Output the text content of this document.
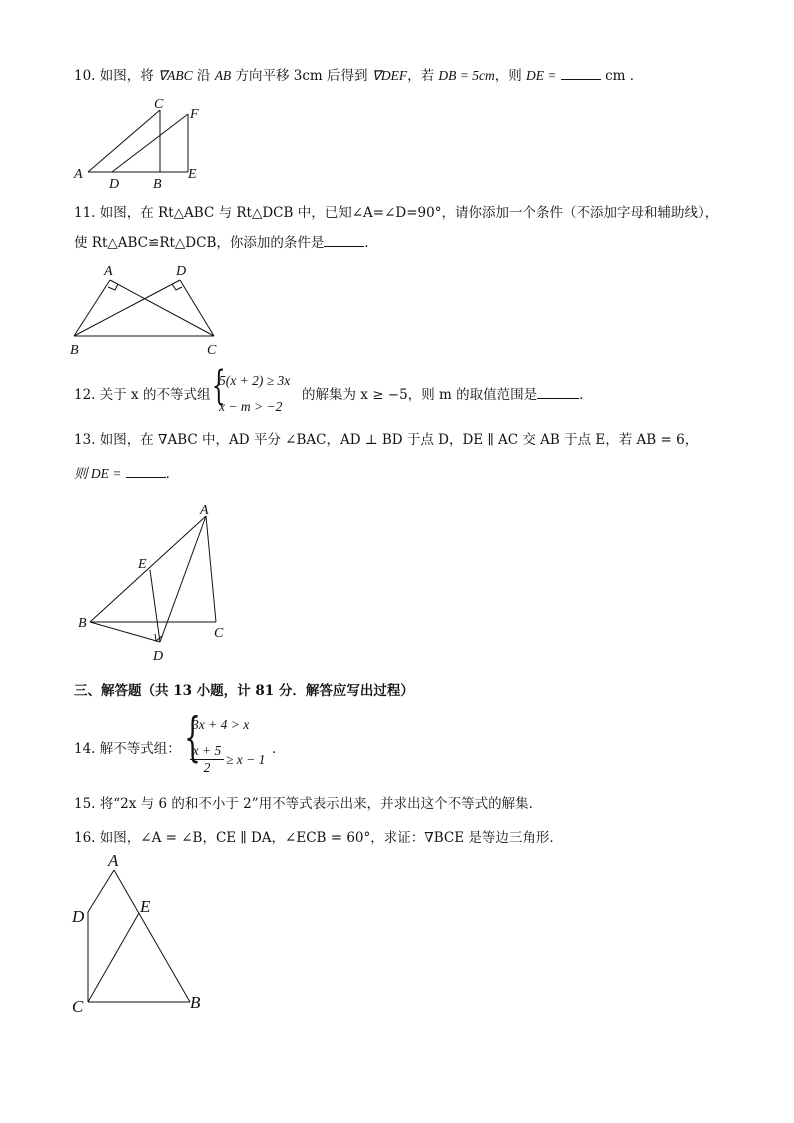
10. 如图，将 ∇ABC 沿 AB 方向平移 3cm 后得到 ∇DEF，若 DB = 5cm，则 DE =	cm ．
C
F
A
D B
E
11. 如图，在 Rt△ABC 与 Rt△DCB 中，已知∠A=∠D=90°，请你添加一个条件（不添加字母和辅助线），
使 Rt△ABC≌Rt△DCB，你添加的条件是	．
A	D
B	C
12. 关于 x 的不等式组 {
5(x + 2) ≥ 3x
x − m > −2
的解集为 x ≥ −5，则 m 的取值范围是	．
13. 如图，在 ∇ABC 中，AD 平分 ∠BAC，AD ⊥ BD 于点 D，DE ∥ AC 交 AB 于点 E，若 AB = 6，
则 DE =	．
A
E
B
C
D
三、解答题（共 13 小题，计 81 分．解答应写出过程）
14. 解不等式组： {
3x + 4 > x
$\frac{x + 5}{2} \ge x - 1$
．
15. 将“2x 与 6 的和不小于 2”用不等式表示出来，并求出这个不等式的解集．
16. 如图，∠A = ∠B，CE ∥ DA，∠ECB = 60°，求证：∇BCE 是等边三角形．
A
D
E
C	B
